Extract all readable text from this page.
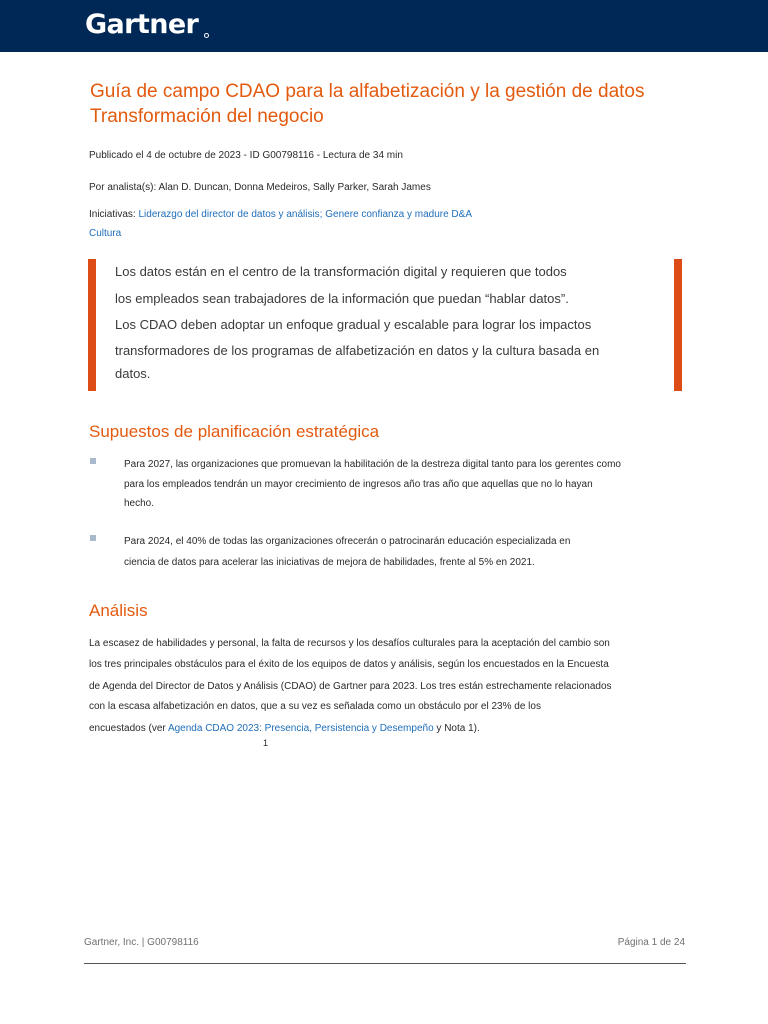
Gartner
Guía de campo CDAO para la alfabetización y la gestión de datos
Transformación del negocio
Publicado el 4 de octubre de 2023 - ID G00798116 - Lectura de 34 min
Por analista(s): Alan D. Duncan, Donna Medeiros, Sally Parker, Sarah James
Iniciativas: Liderazgo del director de datos y análisis; Genere confianza y madure D&A
Cultura
Los datos están en el centro de la transformación digital y requieren que todos
los empleados sean trabajadores de la información que puedan “hablar datos”.
Los CDAO deben adoptar un enfoque gradual y escalable para lograr los impactos
transformadores de los programas de alfabetización en datos y la cultura basada en
datos.
Supuestos de planificación estratégica
Para 2027, las organizaciones que promuevan la habilitación de la destreza digital tanto para los gerentes como
para los empleados tendrán un mayor crecimiento de ingresos año tras año que aquellas que no lo hayan
hecho.
Para 2024, el 40% de todas las organizaciones ofrecerán o patrocinarán educación especializada en
ciencia de datos para acelerar las iniciativas de mejora de habilidades, frente al 5% en 2021.
Análisis
La escasez de habilidades y personal, la falta de recursos y los desafíos culturales para la aceptación del cambio son
los tres principales obstáculos para el éxito de los equipos de datos y análisis, según los encuestados en la Encuesta
de Agenda del Director de Datos y Análisis (CDAO) de Gartner para 2023. Los tres están estrechamente relacionados
con la escasa alfabetización en datos, que a su vez es señalada como un obstáculo por el 23% de los
encuestados (ver Agenda CDAO 2023: Presencia, Persistencia y Desempeño y Nota 1).
1
Gartner, Inc. | G00798116	Página 1 de 24
